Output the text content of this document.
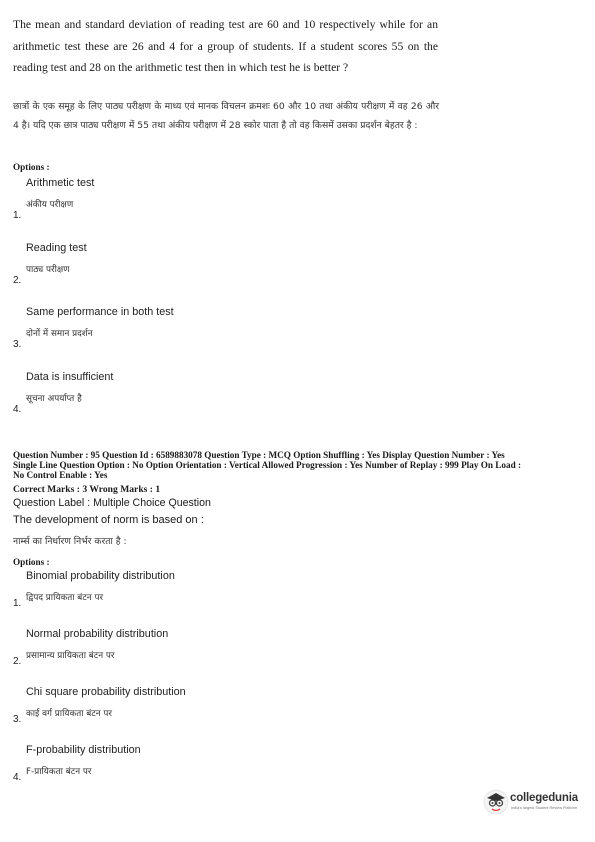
The mean and standard deviation of reading test are 60 and 10 respectively while for an arithmetic test these are 26 and 4 for a group of students. If a student scores 55 on the reading test and 28 on the arithmetic test then in which test he is better ?
छात्रों के एक समूह के लिए पाठ्य परीक्षण के माध्य एवं मानक विचलन क्रमशः 60 और 10 तथा अंकीय परीक्षण में वह 26 और 4 है। यदि एक छात्र पाठ्य परीक्षण में 55 तथा अंकीय परीक्षण में 28 स्कोर पाता है तो वह किसमें उसका प्रदर्शन बेहतर है :
Options :
Arithmetic test
अंकीय परीक्षण
1.
Reading test
पाठ्य परीक्षण
2.
Same performance in both test
दोनों में समान प्रदर्शन
3.
Data is insufficient
सूचना अपर्याप्त है
4.
Question Number : 95 Question Id : 6589883078 Question Type : MCQ Option Shuffling : Yes Display Question Number : Yes
Single Line Question Option : No Option Orientation : Vertical Allowed Progression : Yes Number of Replay : 999 Play On Load :
No Control Enable : Yes
Correct Marks : 3 Wrong Marks : 1
Question Label : Multiple Choice Question
The development of norm is based on :
नार्म्स का निर्धारण निर्भर करता है :
Options :
Binomial probability distribution
द्विपद प्रायिकता बंटन पर
1.
Normal probability distribution
प्रसामान्य प्रायिकता बंटन पर
2.
Chi square probability distribution
काई वर्ग प्रायिकता बंटन पर
3.
F-probability distribution
F-प्रायिकता बंटन पर
4.
collegedunia
India's largest Student Review Platform
